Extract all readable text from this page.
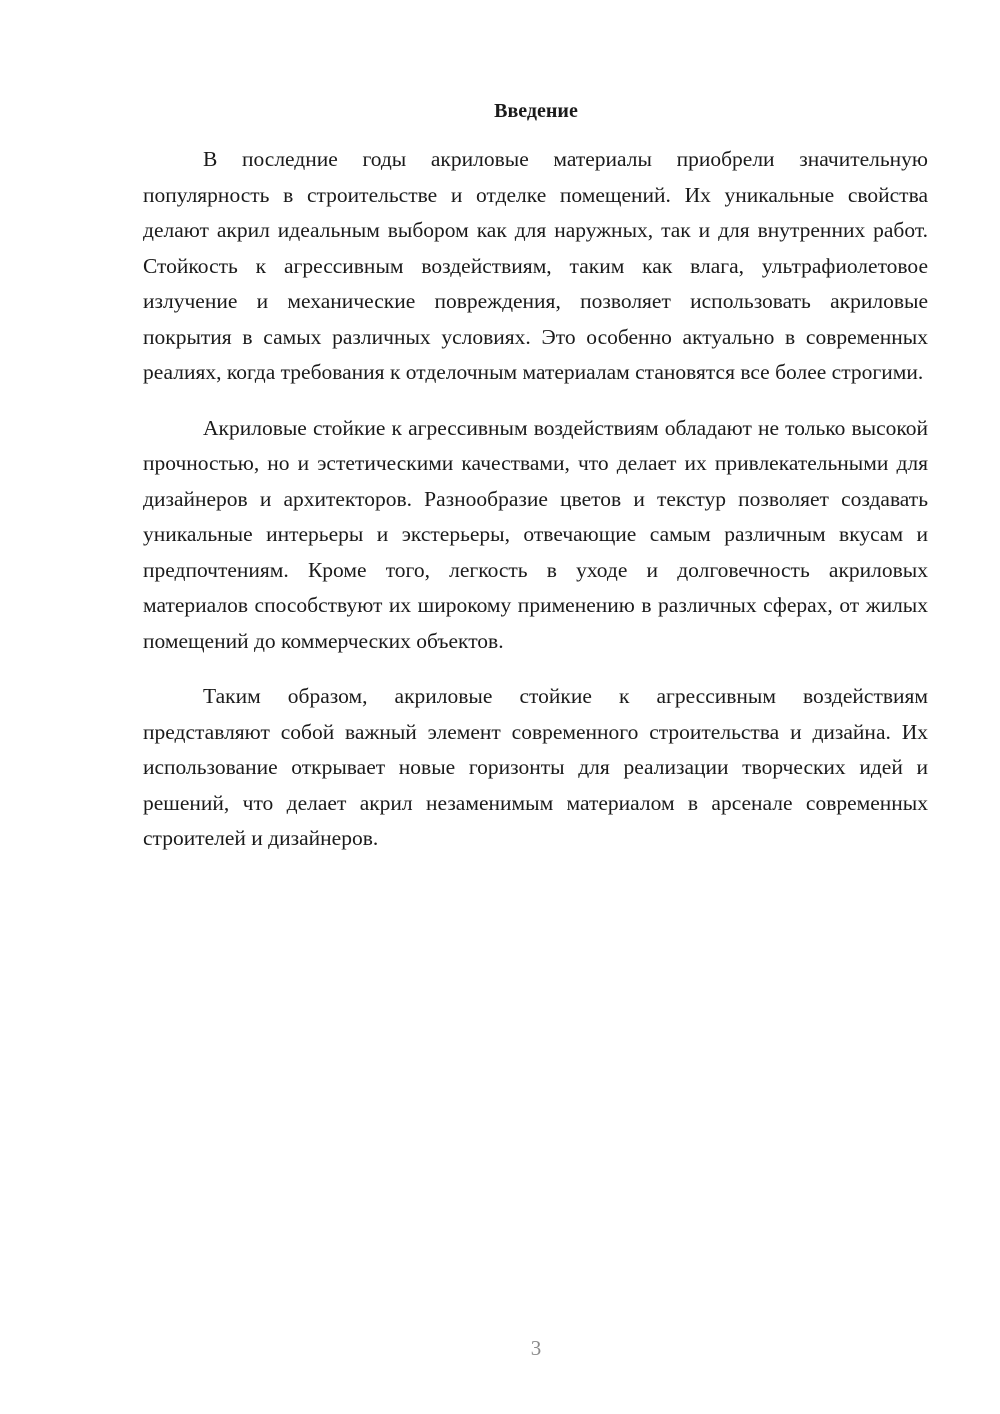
Введение

В последние годы акриловые материалы приобрели значительную популярность в строительстве и отделке помещений. Их уникальные свойства делают акрил идеальным выбором как для наружных, так и для внутренних работ. Стойкость к агрессивным воздействиям, таким как влага, ультрафиолетовое излучение и механические повреждения, позволяет использовать акриловые покрытия в самых различных условиях. Это особенно актуально в современных реалиях, когда требования к отделочным материалам становятся все более строгими.

Акриловые стойкие к агрессивным воздействиям обладают не только высокой прочностью, но и эстетическими качествами, что делает их привлекательными для дизайнеров и архитекторов. Разнообразие цветов и текстур позволяет создавать уникальные интерьеры и экстерьеры, отвечающие самым различным вкусам и предпочтениям. Кроме того, легкость в уходе и долговечность акриловых материалов способствуют их широкому применению в различных сферах, от жилых помещений до коммерческих объектов.

Таким образом, акриловые стойкие к агрессивным воздействиям представляют собой важный элемент современного строительства и дизайна. Их использование открывает новые горизонты для реализации творческих идей и решений, что делает акрил незаменимым материалом в арсенале современных строителей и дизайнеров.

3
